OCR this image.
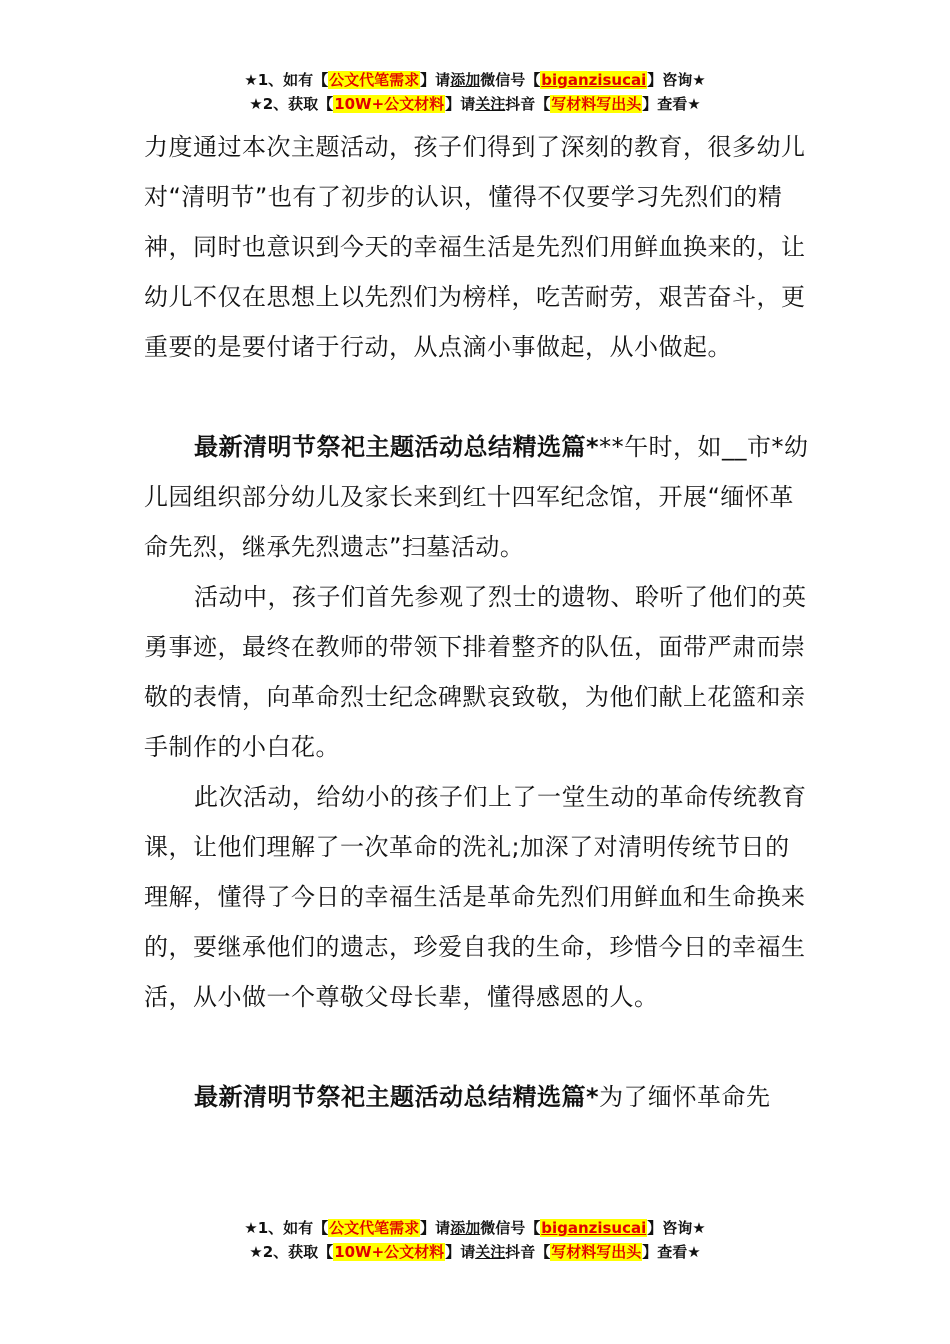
★1、如有【公文代笔需求】请添加微信号【biganzisucai】咨询★
★2、获取【10W+公文材料】请关注抖音【写材料写出头】查看★

力度通过本次主题活动，孩子们得到了深刻的教育，很多幼儿对“清明节”也有了初步的认识，懂得不仅要学习先烈们的精神，同时也意识到今天的幸福生活是先烈们用鲜血换来的，让幼儿不仅在思想上以先烈们为榜样，吃苦耐劳，艰苦奋斗，更重要的是要付诸于行动，从点滴小事做起，从小做起。

最新清明节祭祀主题活动总结精选篇***午时，如__市*幼儿园组织部分幼儿及家长来到红十四军纪念馆，开展“缅怀革命先烈，继承先烈遗志”扫墓活动。

活动中，孩子们首先参观了烈士的遗物、聆听了他们的英勇事迹，最终在教师的带领下排着整齐的队伍，面带严肃而崇敬的表情，向革命烈士纪念碑默哀致敬，为他们献上花篮和亲手制作的小白花。

此次活动，给幼小的孩子们上了一堂生动的革命传统教育课，让他们理解了一次革命的洗礼;加深了对清明传统节日的理解，懂得了今日的幸福生活是革命先烈们用鲜血和生命换来的，要继承他们的遗志，珍爱自我的生命，珍惜今日的幸福生活，从小做一个尊敬父母长辈，懂得感恩的人。

最新清明节祭祀主题活动总结精选篇*为了缅怀革命先

★1、如有【公文代笔需求】请添加微信号【biganzisucai】咨询★
★2、获取【10W+公文材料】请关注抖音【写材料写出头】查看★
